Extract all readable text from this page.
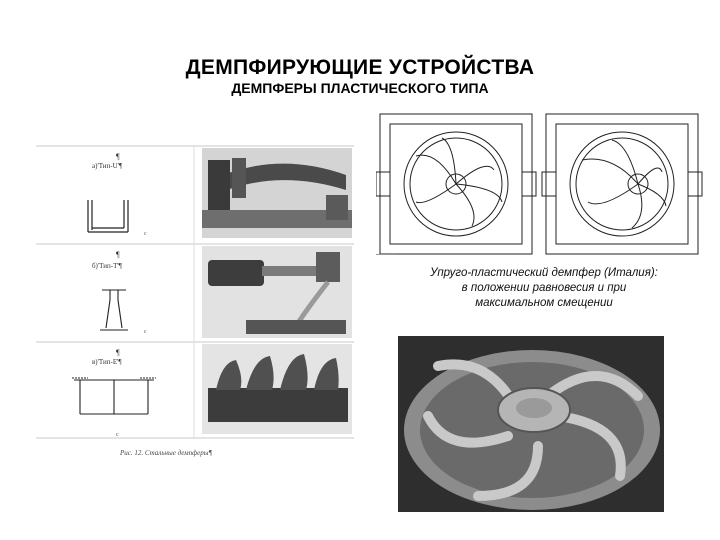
ДЕМПФИРУЮЩИЕ УСТРОЙСТВА
ДЕМПФЕРЫ ПЛАСТИЧЕСКОГО ТИПА
с
с
с
¶
а)'Тип-U'¶
¶
б)'Тип-Т'¶
¶
в)'Тип-E'¶
Рис. 12. Стальные демпферы¶
Упруго-пластический демпфер (Италия):
в положении равновесия и при
максимальном смещении
